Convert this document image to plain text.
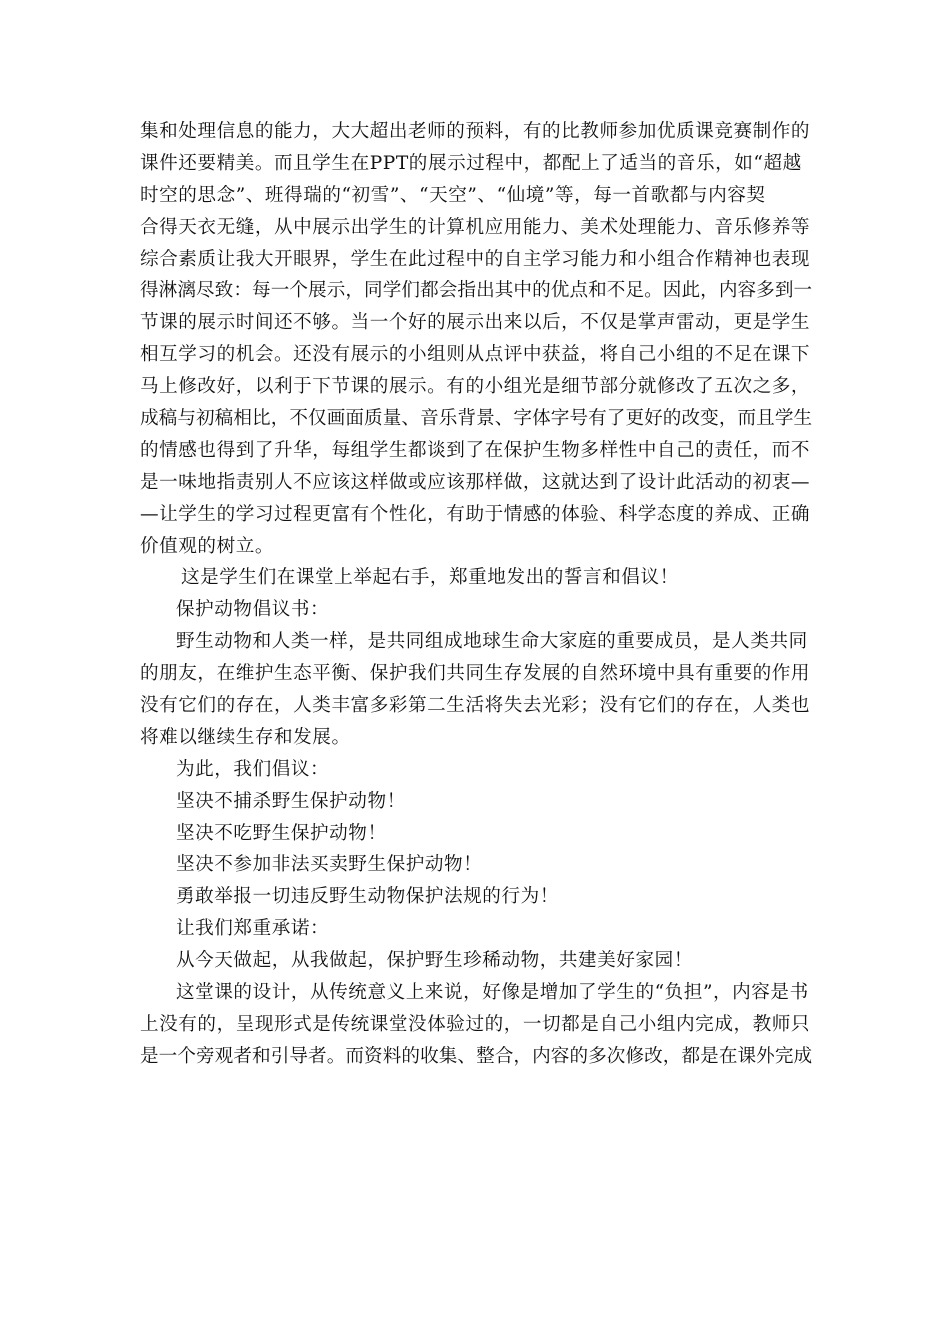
集和处理信息的能力，大大超出老师的预料，有的比教师参加优质课竞赛制作的
课件还要精美。而且学生在PPT的展示过程中，都配上了适当的音乐，如“超越
时空的思念”、班得瑞的“初雪”、“天空”、“仙境”等，每一首歌都与内容契
合得天衣无缝，从中展示出学生的计算机应用能力、美术处理能力、音乐修养等
综合素质让我大开眼界，学生在此过程中的自主学习能力和小组合作精神也表现
得淋漓尽致：每一个展示，同学们都会指出其中的优点和不足。因此，内容多到一
节课的展示时间还不够。当一个好的展示出来以后，不仅是掌声雷动，更是学生
相互学习的机会。还没有展示的小组则从点评中获益，将自己小组的不足在课下
马上修改好，以利于下节课的展示。有的小组光是细节部分就修改了五次之多，
成稿与初稿相比，不仅画面质量、音乐背景、字体字号有了更好的改变，而且学生
的情感也得到了升华，每组学生都谈到了在保护生物多样性中自己的责任，而不
是一味地指责别人不应该这样做或应该那样做，这就达到了设计此活动的初衷—
—让学生的学习过程更富有个性化，有助于情感的体验、科学态度的养成、正确
价值观的树立。
这是学生们在课堂上举起右手，郑重地发出的誓言和倡议！
保护动物倡议书：
野生动物和人类一样，是共同组成地球生命大家庭的重要成员，是人类共同
的朋友，在维护生态平衡、保护我们共同生存发展的自然环境中具有重要的作用
没有它们的存在，人类丰富多彩第二生活将失去光彩；没有它们的存在，人类也
将难以继续生存和发展。
为此，我们倡议：
坚决不捕杀野生保护动物！
坚决不吃野生保护动物！
坚决不参加非法买卖野生保护动物！
勇敢举报一切违反野生动物保护法规的行为！
让我们郑重承诺：
从今天做起，从我做起，保护野生珍稀动物，共建美好家园！
这堂课的设计，从传统意义上来说，好像是增加了学生的“负担”，内容是书
上没有的，呈现形式是传统课堂没体验过的，一切都是自己小组内完成，教师只
是一个旁观者和引导者。而资料的收集、整合，内容的多次修改，都是在课外完成
